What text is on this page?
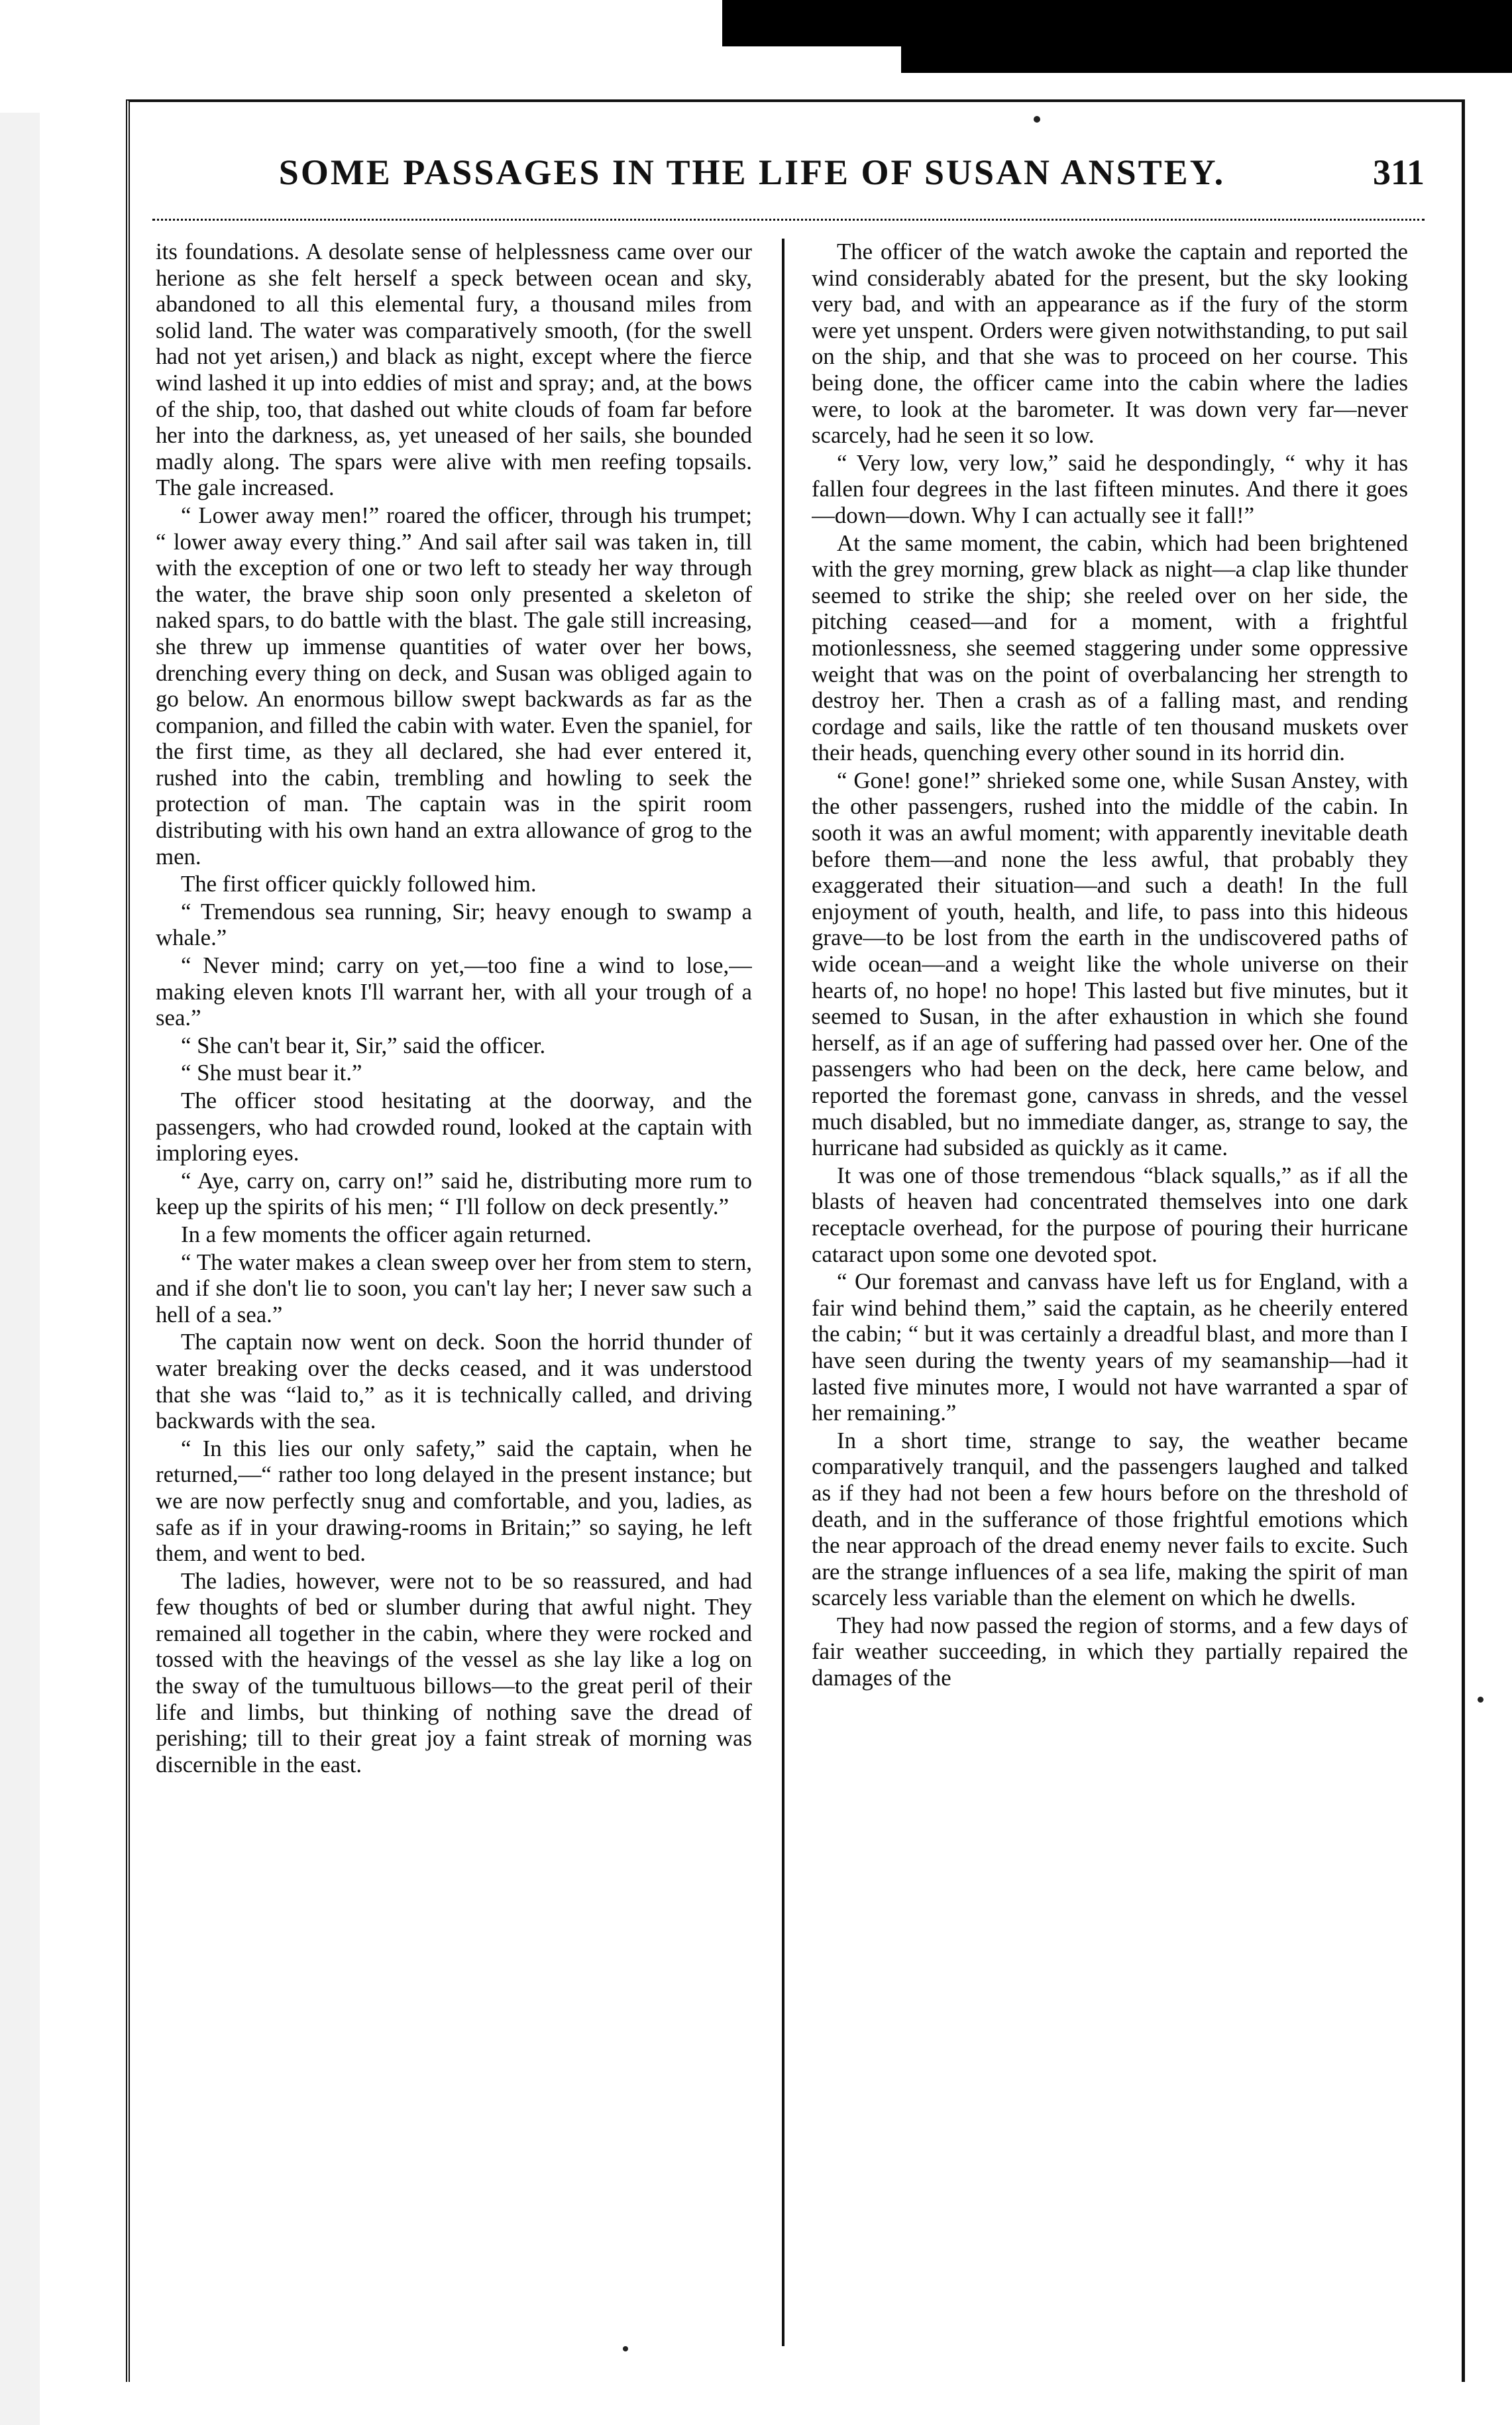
SOME PASSAGES IN THE LIFE OF SUSAN ANSTEY.	311

its foundations. A desolate sense of helplessness came over our herione as she felt herself a speck between ocean and sky, abandoned to all this elemental fury, a thousand miles from solid land. The water was comparatively smooth, (for the swell had not yet arisen,) and black as night, except where the fierce wind lashed it up into eddies of mist and spray; and, at the bows of the ship, too, that dashed out white clouds of foam far before her into the darkness, as, yet uneased of her sails, she bounded madly along. The spars were alive with men reefing topsails. The gale increased.

“ Lower away men!” roared the officer, through his trumpet; “ lower away every thing.” And sail after sail was taken in, till with the exception of one or two left to steady her way through the water, the brave ship soon only presented a skeleton of naked spars, to do battle with the blast. The gale still increasing, she threw up immense quantities of water over her bows, drenching every thing on deck, and Susan was obliged again to go below. An enormous billow swept backwards as far as the companion, and filled the cabin with water. Even the spaniel, for the first time, as they all declared, she had ever entered it, rushed into the cabin, trembling and howling to seek the protection of man. The captain was in the spirit room distributing with his own hand an extra allowance of grog to the men.

The first officer quickly followed him.

“ Tremendous sea running, Sir; heavy enough to swamp a whale.”

“ Never mind; carry on yet,—too fine a wind to lose,—making eleven knots I'll warrant her, with all your trough of a sea.”

“ She can't bear it, Sir,” said the officer.

“ She must bear it.”

The officer stood hesitating at the doorway, and the passengers, who had crowded round, looked at the captain with imploring eyes.

“ Aye, carry on, carry on!” said he, distributing more rum to keep up the spirits of his men; “ I'll follow on deck presently.”

In a few moments the officer again returned.

“ The water makes a clean sweep over her from stem to stern, and if she don't lie to soon, you can't lay her; I never saw such a hell of a sea.”

The captain now went on deck. Soon the horrid thunder of water breaking over the decks ceased, and it was understood that she was “laid to,” as it is technically called, and driving backwards with the sea.

“ In this lies our only safety,” said the captain, when he returned,—“ rather too long delayed in the present instance; but we are now perfectly snug and comfortable, and you, ladies, as safe as if in your drawing-rooms in Britain;” so saying, he left them, and went to bed.

The ladies, however, were not to be so reassured, and had few thoughts of bed or slumber during that awful night. They remained all together in the cabin, where they were rocked and tossed with the heavings of the vessel as she lay like a log on the sway of the tumultuous billows—to the great peril of their life and limbs, but thinking of nothing save the dread of perishing; till to their great joy a faint streak of morning was discernible in the east.

The officer of the watch awoke the captain and reported the wind considerably abated for the present, but the sky looking very bad, and with an appearance as if the fury of the storm were yet unspent. Orders were given notwithstanding, to put sail on the ship, and that she was to proceed on her course. This being done, the officer came into the cabin where the ladies were, to look at the barometer. It was down very far—never scarcely, had he seen it so low.

“ Very low, very low,” said he despondingly, “ why it has fallen four degrees in the last fifteen minutes. And there it goes—down—down. Why I can actually see it fall!”

At the same moment, the cabin, which had been brightened with the grey morning, grew black as night—a clap like thunder seemed to strike the ship; she reeled over on her side, the pitching ceased—and for a moment, with a frightful motionlessness, she seemed staggering under some oppressive weight that was on the point of overbalancing her strength to destroy her. Then a crash as of a falling mast, and rending cordage and sails, like the rattle of ten thousand muskets over their heads, quenching every other sound in its horrid din.

“ Gone! gone!” shrieked some one, while Susan Anstey, with the other passengers, rushed into the middle of the cabin. In sooth it was an awful moment; with apparently inevitable death before them—and none the less awful, that probably they exaggerated their situation—and such a death! In the full enjoyment of youth, health, and life, to pass into this hideous grave—to be lost from the earth in the undiscovered paths of wide ocean—and a weight like the whole universe on their hearts of, no hope! no hope! This lasted but five minutes, but it seemed to Susan, in the after exhaustion in which she found herself, as if an age of suffering had passed over her. One of the passengers who had been on the deck, here came below, and reported the foremast gone, canvass in shreds, and the vessel much disabled, but no immediate danger, as, strange to say, the hurricane had subsided as quickly as it came.

It was one of those tremendous “black squalls,” as if all the blasts of heaven had concentrated themselves into one dark receptacle overhead, for the purpose of pouring their hurricane cataract upon some one devoted spot.

“ Our foremast and canvass have left us for England, with a fair wind behind them,” said the captain, as he cheerily entered the cabin; “ but it was certainly a dreadful blast, and more than I have seen during the twenty years of my seamanship—had it lasted five minutes more, I would not have warranted a spar of her remaining.”

In a short time, strange to say, the weather became comparatively tranquil, and the passengers laughed and talked as if they had not been a few hours before on the threshold of death, and in the sufferance of those frightful emotions which the near approach of the dread enemy never fails to excite. Such are the strange influences of a sea life, making the spirit of man scarcely less variable than the element on which he dwells.

They had now passed the region of storms, and a few days of fair weather succeeding, in which they partially repaired the damages of the
